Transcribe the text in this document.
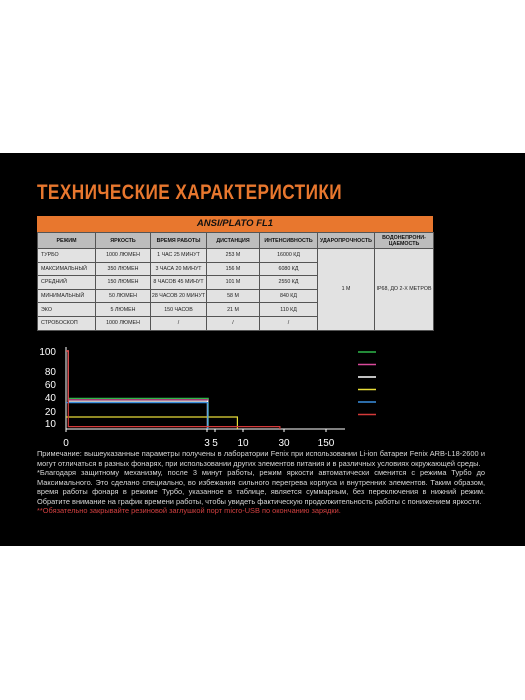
ТЕХНИЧЕСКИЕ ХАРАКТЕРИСТИКИ
ANSI/PLATO FL1
РЕЖИМ	ЯРКОСТЬ	ВРЕМЯ РАБОТЫ	ДИСТАНЦИЯ	ИНТЕНСИВНОСТЬ	УДАРОПРОЧНОСТЬ	ВОДОНЕПРОНИ-ЦАЕМОСТЬ
ТУРБО	1000 ЛЮМЕН	1 ЧАС 25 МИНУТ	253 М	16000 КД	1 М	IP68, ДО 2-Х МЕТРОВ
МАКСИМАЛЬНЫЙ	350 ЛЮМЕН	3 ЧАСА 20 МИНУТ	156 М	6080 КД		
СРЕДНИЙ	150 ЛЮМЕН	8 ЧАСОВ 45 МИНУТ	101 М	2550 КД		
МИНИМАЛЬНЫЙ	50 ЛЮМЕН	28 ЧАСОВ 20 МИНУТ	58 М	840 КД		
ЭКО	5 ЛЮМЕН	150 ЧАСОВ	21 М	110 КД		
СТРОБОСКОП	1000 ЛЮМЕН	/	/	/		
100
80
60
40
20
10
0	3 5 10	30	150

Примечание: вышеуказанные параметры получены в лаборатории Fenix при использовании Li-ion батареи Fenix ARB-L18-2600 и могут отличаться в разных фонарях, при использовании других элементов питания и в различных условиях окружающей среды.

*Благодаря защитному механизму, после 3 минут работы, режим яркости автоматически сменится с режима Турбо до Максимального. Это сделано специально, во избежания сильного перегрева корпуса и внутренних элементов. Таким образом, время работы фонаря в режиме Турбо, указанное в таблице, является суммарным, без переключения в нижний режим. Обратите внимание на график времени работы, чтобы увидеть фактическую продолжительность работы с понижением яркости.

**Обязательно закрывайте резиновой заглушкой порт micro-USB по окончанию зарядки.
